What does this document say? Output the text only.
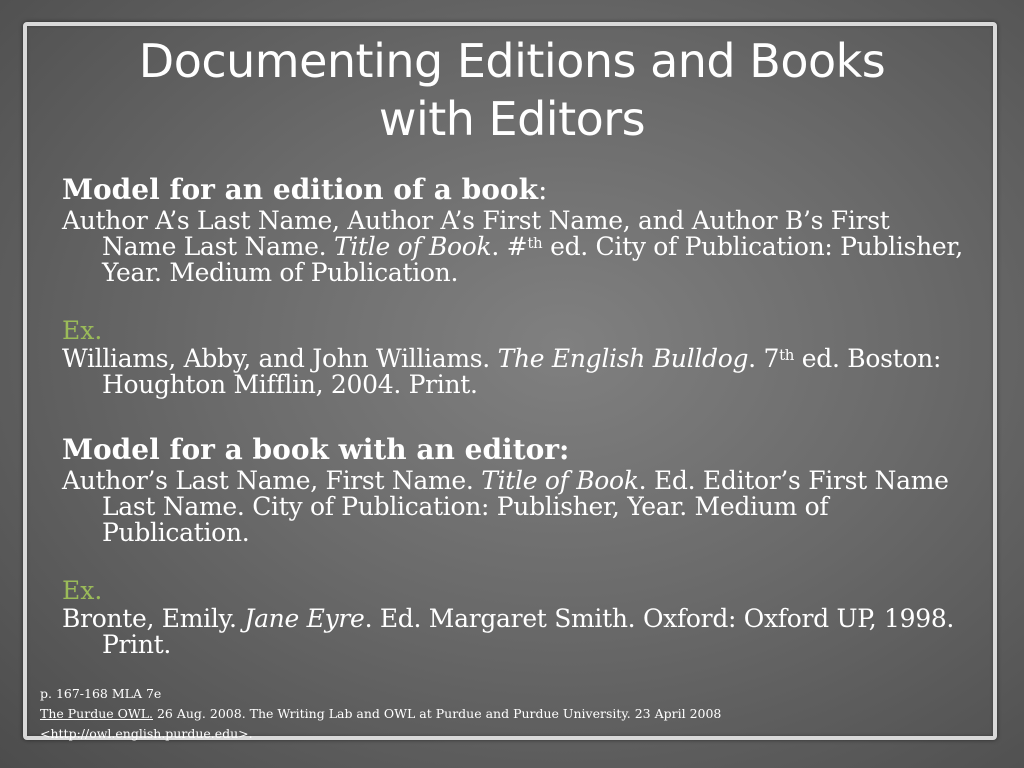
Documenting Editions and Books
with Editors

Model for an edition of a book:

Author A’s Last Name, Author A’s First Name, and Author B’s First Name Last Name. Title of Book. #$^{th}$ ed. City of Publication: Publisher, Year. Medium of Publication.

Ex.

Williams, Abby, and John Williams. The English Bulldog. 7th ed. Boston: Houghton Mifflin, 2004. Print.

Model for a book with an editor:

Author’s Last Name, First Name. Title of Book. Ed. Editor’s First Name Last Name. City of Publication: Publisher, Year. Medium of Publication.

Ex.

Bronte, Emily. Jane Eyre. Ed. Margaret Smith. Oxford: Oxford UP, 1998. Print.

p. 167-168 MLA 7e

The Purdue OWL. 26 Aug. 2008. The Writing Lab and OWL at Purdue and Purdue University. 23 April 2008

<http://owl.english.purdue.edu>.
